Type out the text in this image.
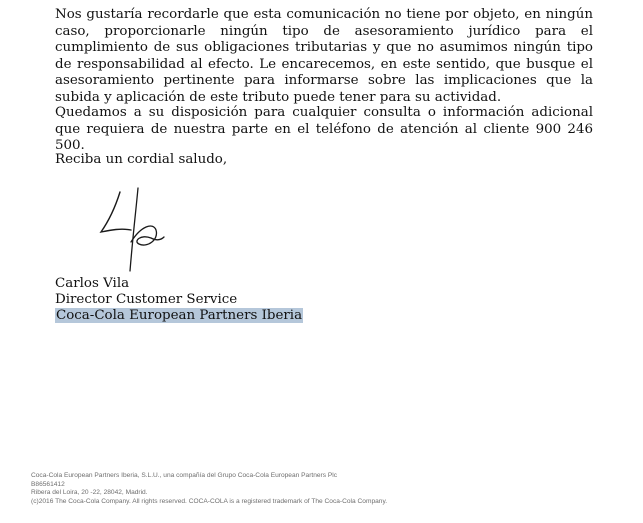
Nos gustaría recordarle que esta comunicación no tiene por objeto, en ningún caso, proporcionarle ningún tipo de asesoramiento jurídico para el cumplimiento de sus obligaciones tributarias y que no asumimos ningún tipo de responsabilidad al efecto. Le encarecemos, en este sentido, que busque el asesoramiento pertinente para informarse sobre las implicaciones que la subida y aplicación de este tributo puede tener para su actividad.

Quedamos a su disposición para cualquier consulta o información adicional que requiera de nuestra parte en el teléfono de atención al cliente 900 246 500.

Reciba un cordial saludo,

Carlos Vila
Director Customer Service
Coca-Cola European Partners Iberia
Coca-Cola European Partners Iberia, S.L.U., una compañía del Grupo Coca-Cola European Partners Plc
B86561412
Ribera del Loira, 20 -22, 28042, Madrid.
(c)2016 The Coca-Cola Company. All rights reserved. COCA-COLA is a registered trademark of The Coca-Cola Company.
